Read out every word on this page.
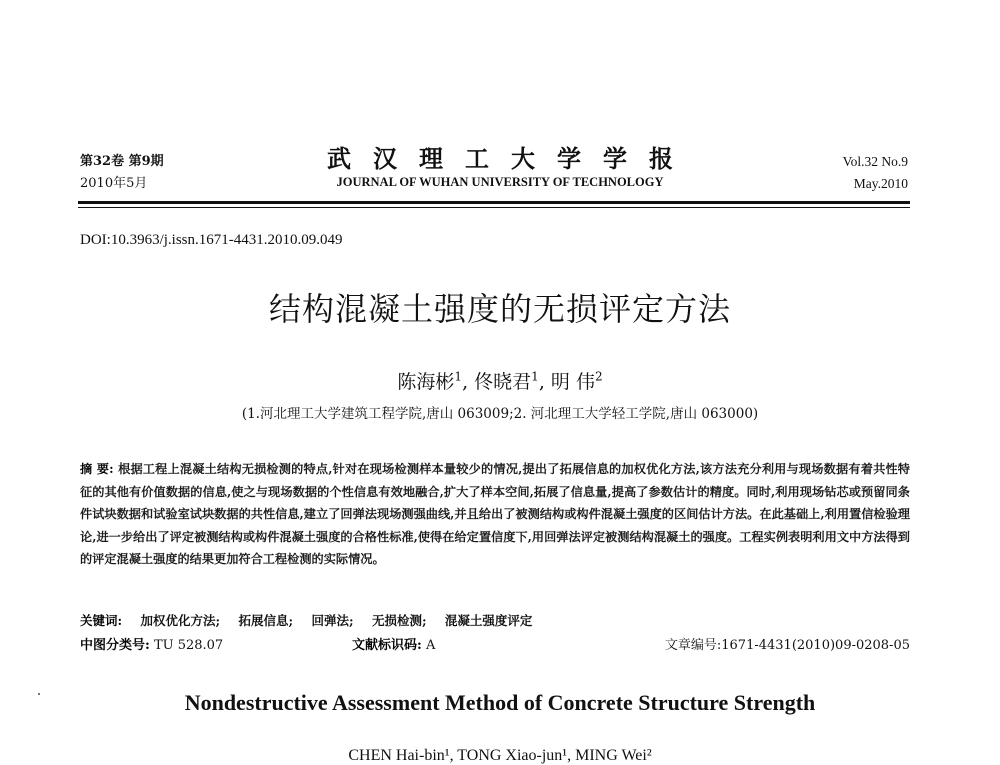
第32卷 第9期
2010年5月
武汉理工大学学报
JOURNAL OF WUHAN UNIVERSITY OF TECHNOLOGY
Vol.32 No.9
May.2010
DOI:10.3963/j.issn.1671-4431.2010.09.049
结构混凝土强度的无损评定方法
陈海彬$^1$, 佟晓君$^1$, 明 伟$^2$
(1.河北理工大学建筑工程学院,唐山 063009;2. 河北理工大学轻工学院,唐山 063000)
摘 要: 根据工程上混凝土结构无损检测的特点,针对在现场检测样本量较少的情况,提出了拓展信息的加权优化方法,该方法充分利用与现场数据有着共性特征的其他有价值数据的信息,使之与现场数据的个性信息有效地融合,扩大了样本空间,拓展了信息量,提高了参数估计的精度。同时,利用现场钻芯或预留同条件试块数据和试验室试块数据的共性信息,建立了回弹法现场测强曲线,并且给出了被测结构或构件混凝土强度的区间估计方法。在此基础上,利用置信检验理论,进一步给出了评定被测结构或构件混凝土强度的合格性标准,使得在给定置信度下,用回弹法评定被测结构混凝土的强度。工程实例表明利用文中方法得到的评定混凝土强度的结果更加符合工程检测的实际情况。
关键词: 加权优化方法; 拓展信息; 回弹法; 无损检测; 混凝土强度评定
中图分类号: TU 528.07	文献标识码: A	文章编号:1671-4431(2010)09-0208-05
Nondestructive Assessment Method of Concrete Structure Strength
CHEN Hai-bin¹, TONG Xiao-jun¹, MING Wei²
